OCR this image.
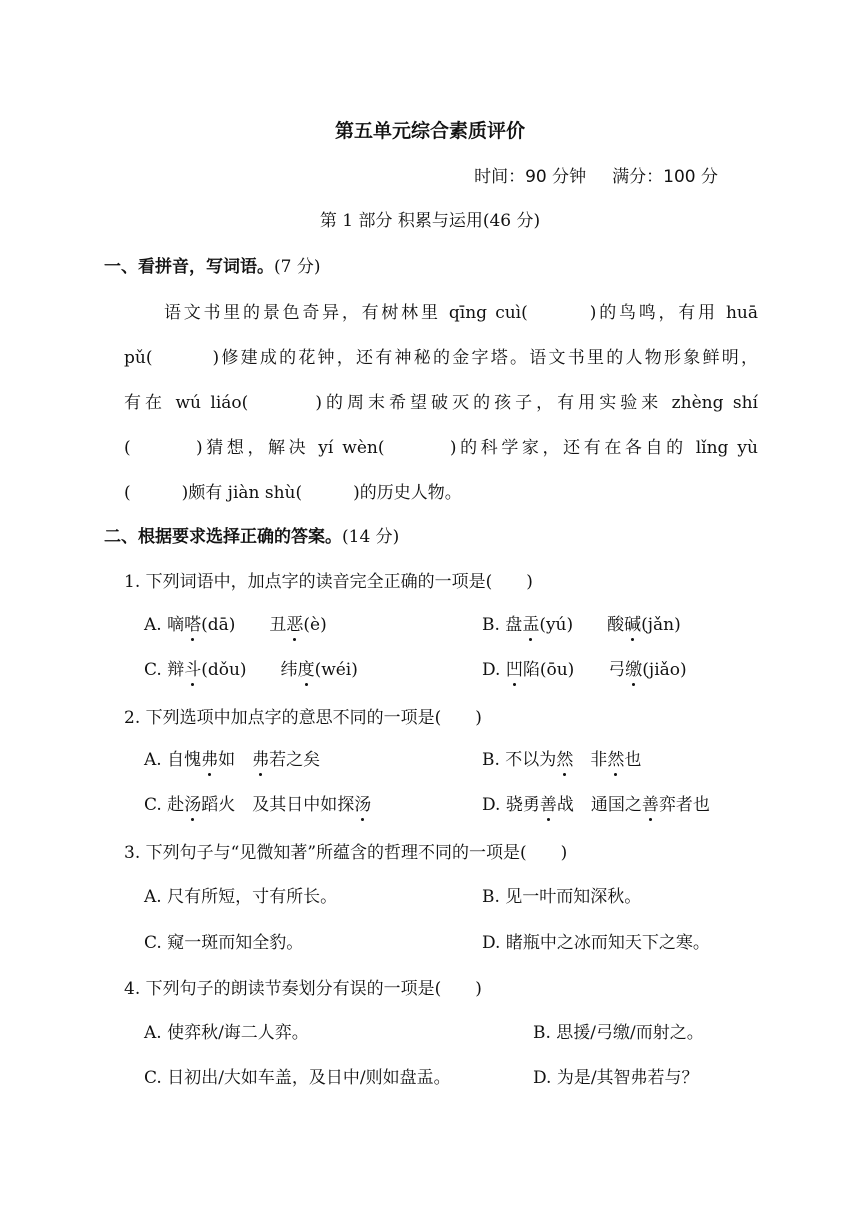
第五单元综合素质评价
时间：90 分钟 满分：100 分
第 1 部分 积累与运用(46 分)
一、看拼音，写词语。(7 分)
语文书里的景色奇异，有树林里 qīng cuì(　　　)的鸟鸣，有用 huā
pǔ(　　　)修建成的花钟，还有神秘的金字塔。语文书里的人物形象鲜明，
有在 wú liáo(　　　)的周末希望破灭的孩子，有用实验来 zhèng shí
(　　　)猜想，解决 yí wèn(　　　)的科学家，还有在各自的 lǐng yù
(　　　)颇有 jiàn shù(　　　)的历史人物。
二、根据要求选择正确的答案。(14 分)
1. 下列词语中，加点字的读音完全正确的一项是(　　)
A. 嘀嗒(dā)　　丑恶(è)	B. 盘盂(yú)　　酸碱(jǎn)
C. 辩斗(dǒu)　　纬度(wéi)	D. 凹陷(ōu)　　弓缴(jiǎo)
2. 下列选项中加点字的意思不同的一项是(　　)
A. 自愧弗如　弗若之矣	B. 不以为然　非然也
C. 赴汤蹈火　及其日中如探汤	D. 骁勇善战　通国之善弈者也
3. 下列句子与“见微知著”所蕴含的哲理不同的一项是(　　)
A. 尺有所短，寸有所长。	B. 见一叶而知深秋。
C. 窥一斑而知全豹。	D. 睹瓶中之冰而知天下之寒。
4. 下列句子的朗读节奏划分有误的一项是(　　)
A. 使弈秋/诲二人弈。	B. 思援/弓缴/而射之。
C. 日初出/大如车盖，及日中/则如盘盂。	D. 为是/其智弗若与？
